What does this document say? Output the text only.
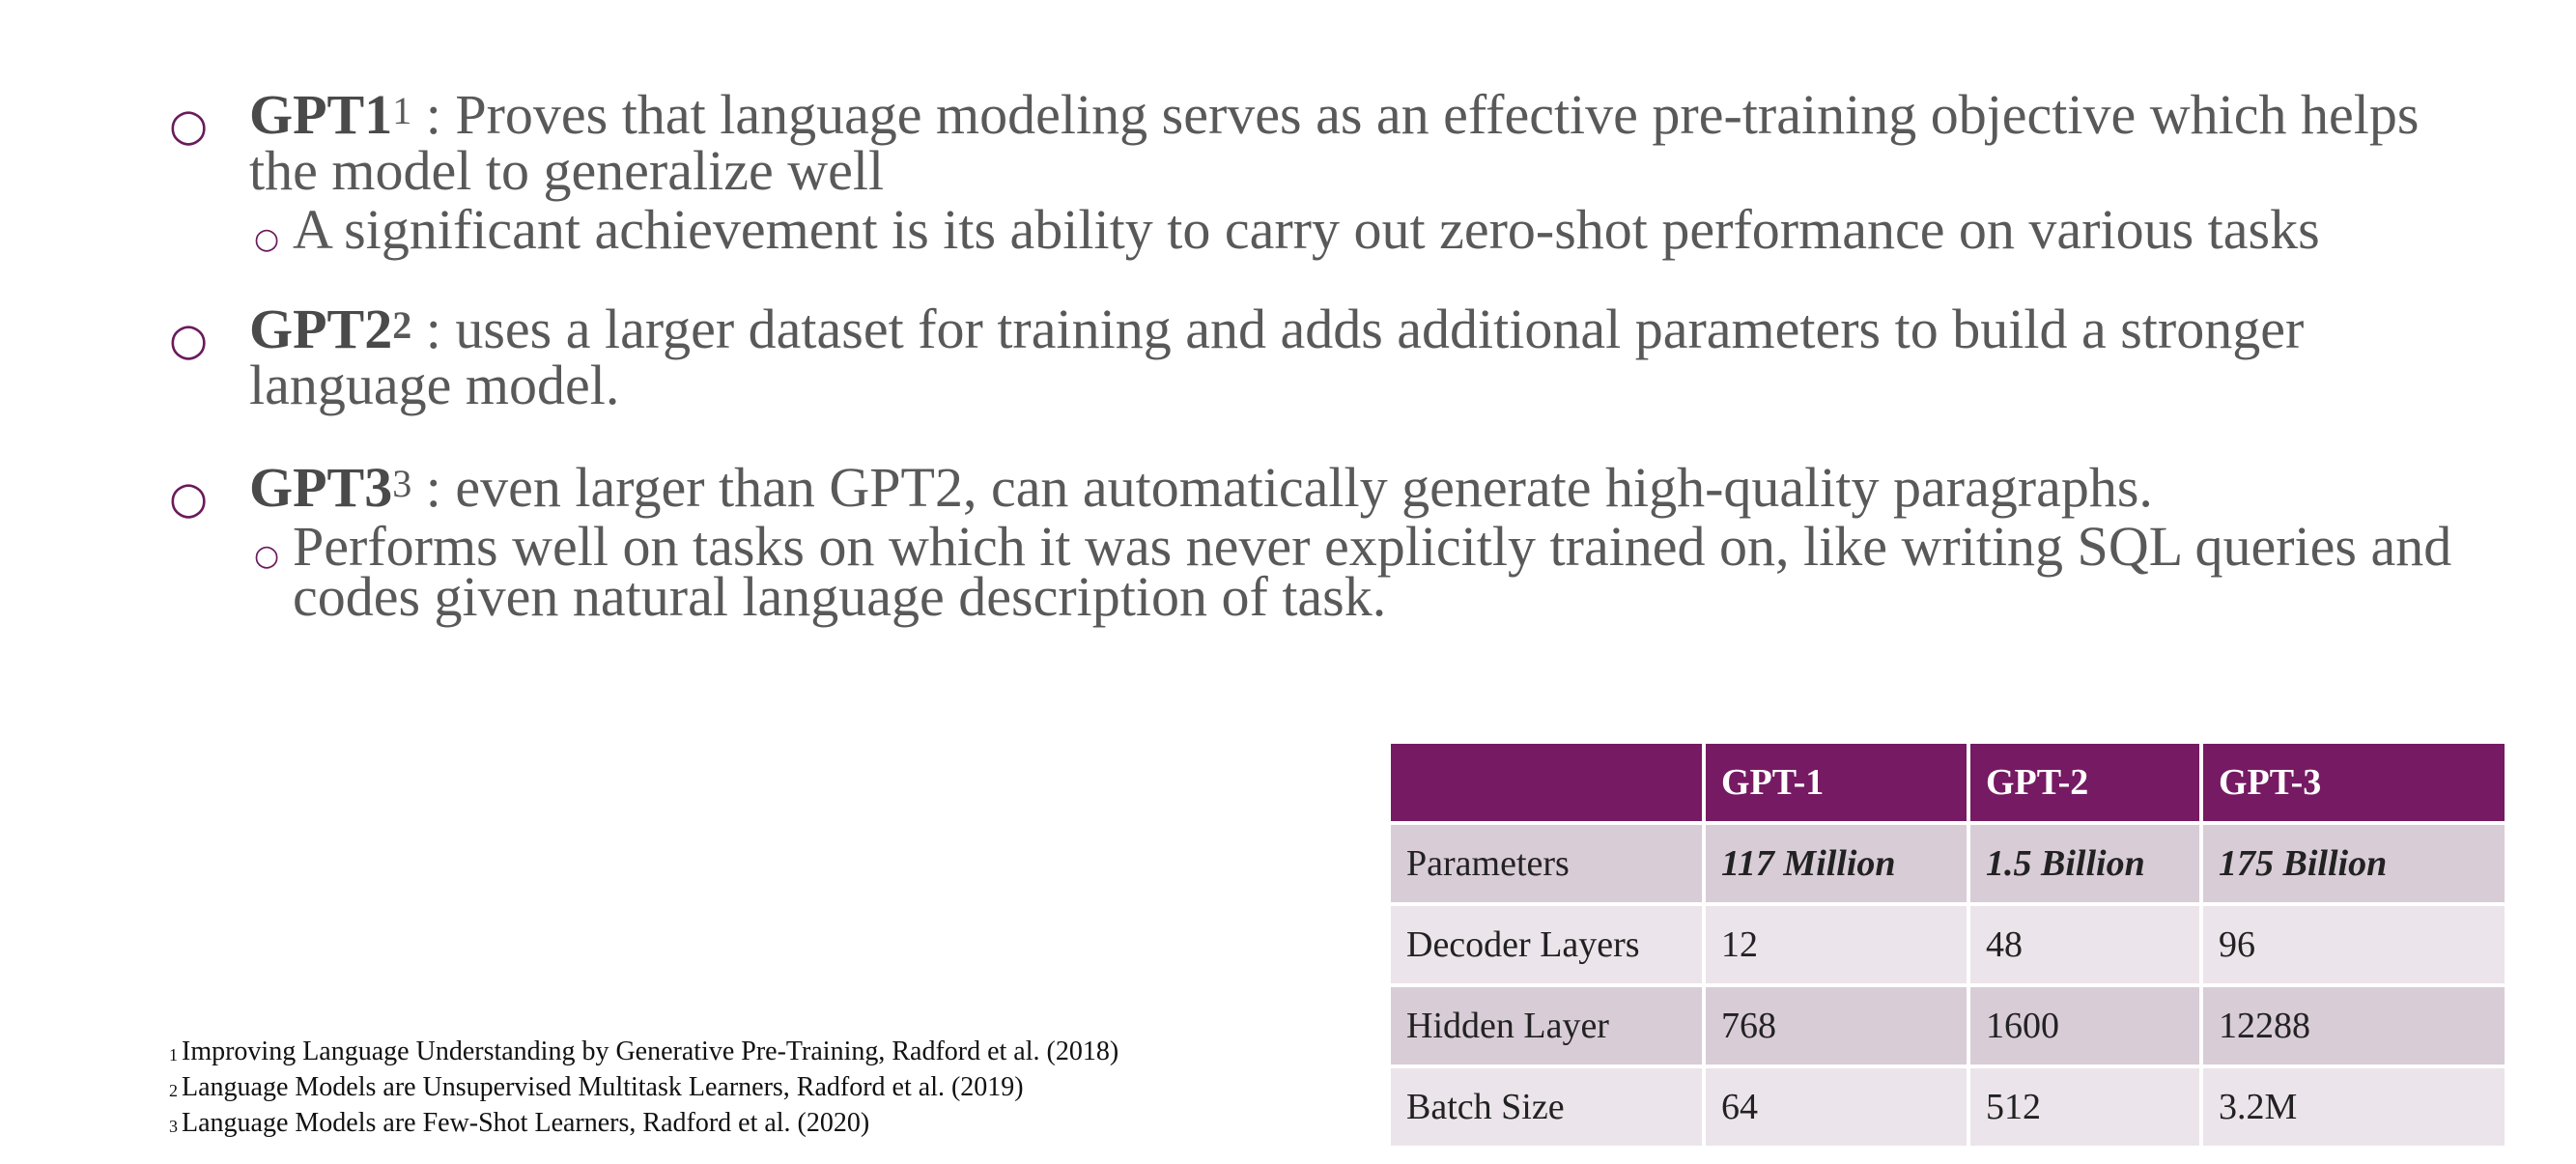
○ $GPT1^1$ : Proves that language modeling serves as an effective pre-training objective which helps the model to generalize well
○ A significant achievement is its ability to carry out zero-shot performance on various tasks
○ $GPT2^2$ : uses a larger dataset for training and adds additional parameters to build a stronger language model.
○ $GPT3^3$ : even larger than GPT2, can automatically generate high-quality paragraphs.
○ Performs well on tasks on which it was never explicitly trained on, like writing SQL queries and codes given natural language description of task.
	GPT-1	GPT-2	GPT-3
Parameters	117 Million	1.5 Billion	175 Billion
Decoder Layers	12	48	96
Hidden Layer	768	1600	12288
Batch Size	64	512	3.2M
$^1$ Improving Language Understanding by Generative Pre-Training, Radford et al. (2018)
$^2$ Language Models are Unsupervised Multitask Learners, Radford et al. (2019)
$^3$ Language Models are Few-Shot Learners, Radford et al. (2020)
